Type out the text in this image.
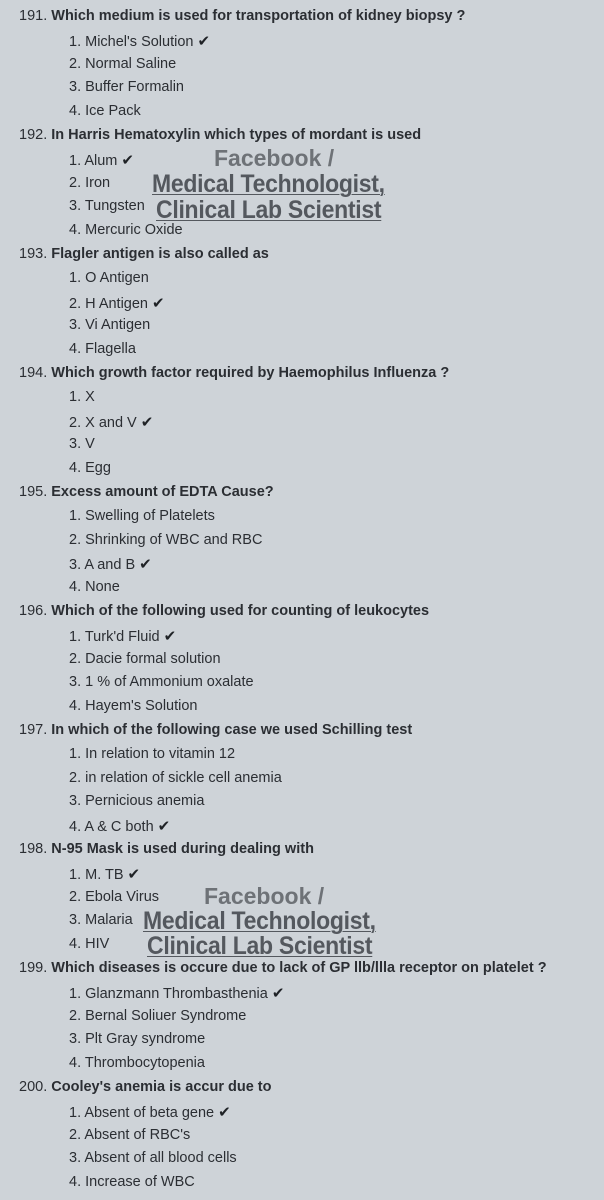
191. Which medium is used for transportation of kidney biopsy ?
1. Michel's Solution ✔
2. Normal Saline
3. Buffer Formalin
4. Ice Pack
192. In Harris Hematoxylin which types of mordant is used
1. Alum ✔
2. Iron
3. Tungsten
4. Mercuric Oxide
193. Flagler antigen is also called as
1. O Antigen
2. H Antigen ✔
3. Vi Antigen
4. Flagella
194. Which growth factor required by Haemophilus Influenza ?
1. X
2. X and V ✔
3. V
4. Egg
195. Excess amount of EDTA Cause?
1. Swelling of Platelets
2. Shrinking of WBC and RBC
3. A and B ✔
4. None
196. Which of the following used for counting of leukocytes
1. Turk'd Fluid ✔
2. Dacie formal solution
3. 1 % of Ammonium oxalate
4. Hayem's Solution
197. In which of the following case we used Schilling test
1. In relation to vitamin 12
2. in relation of sickle cell anemia
3. Pernicious anemia
4. A & C both ✔
198. N-95 Mask is used during dealing with
1. M. TB ✔
2. Ebola Virus
3. Malaria
4. HIV
199. Which diseases is occure due to lack of GP llb/llla receptor on platelet ?
1. Glanzmann Thrombasthenia ✔
2. Bernal Soliuer Syndrome
3. Plt Gray syndrome
4. Thrombocytopenia
200. Cooley's anemia is accur due to
1. Absent of beta gene ✔
2. Absent of RBC's
3. Absent of all blood cells
4. Increase of WBC
Facebook /
Medical Technologist,
Clinical Lab Scientist
Facebook /
Medical Technologist,
Clinical Lab Scientist
